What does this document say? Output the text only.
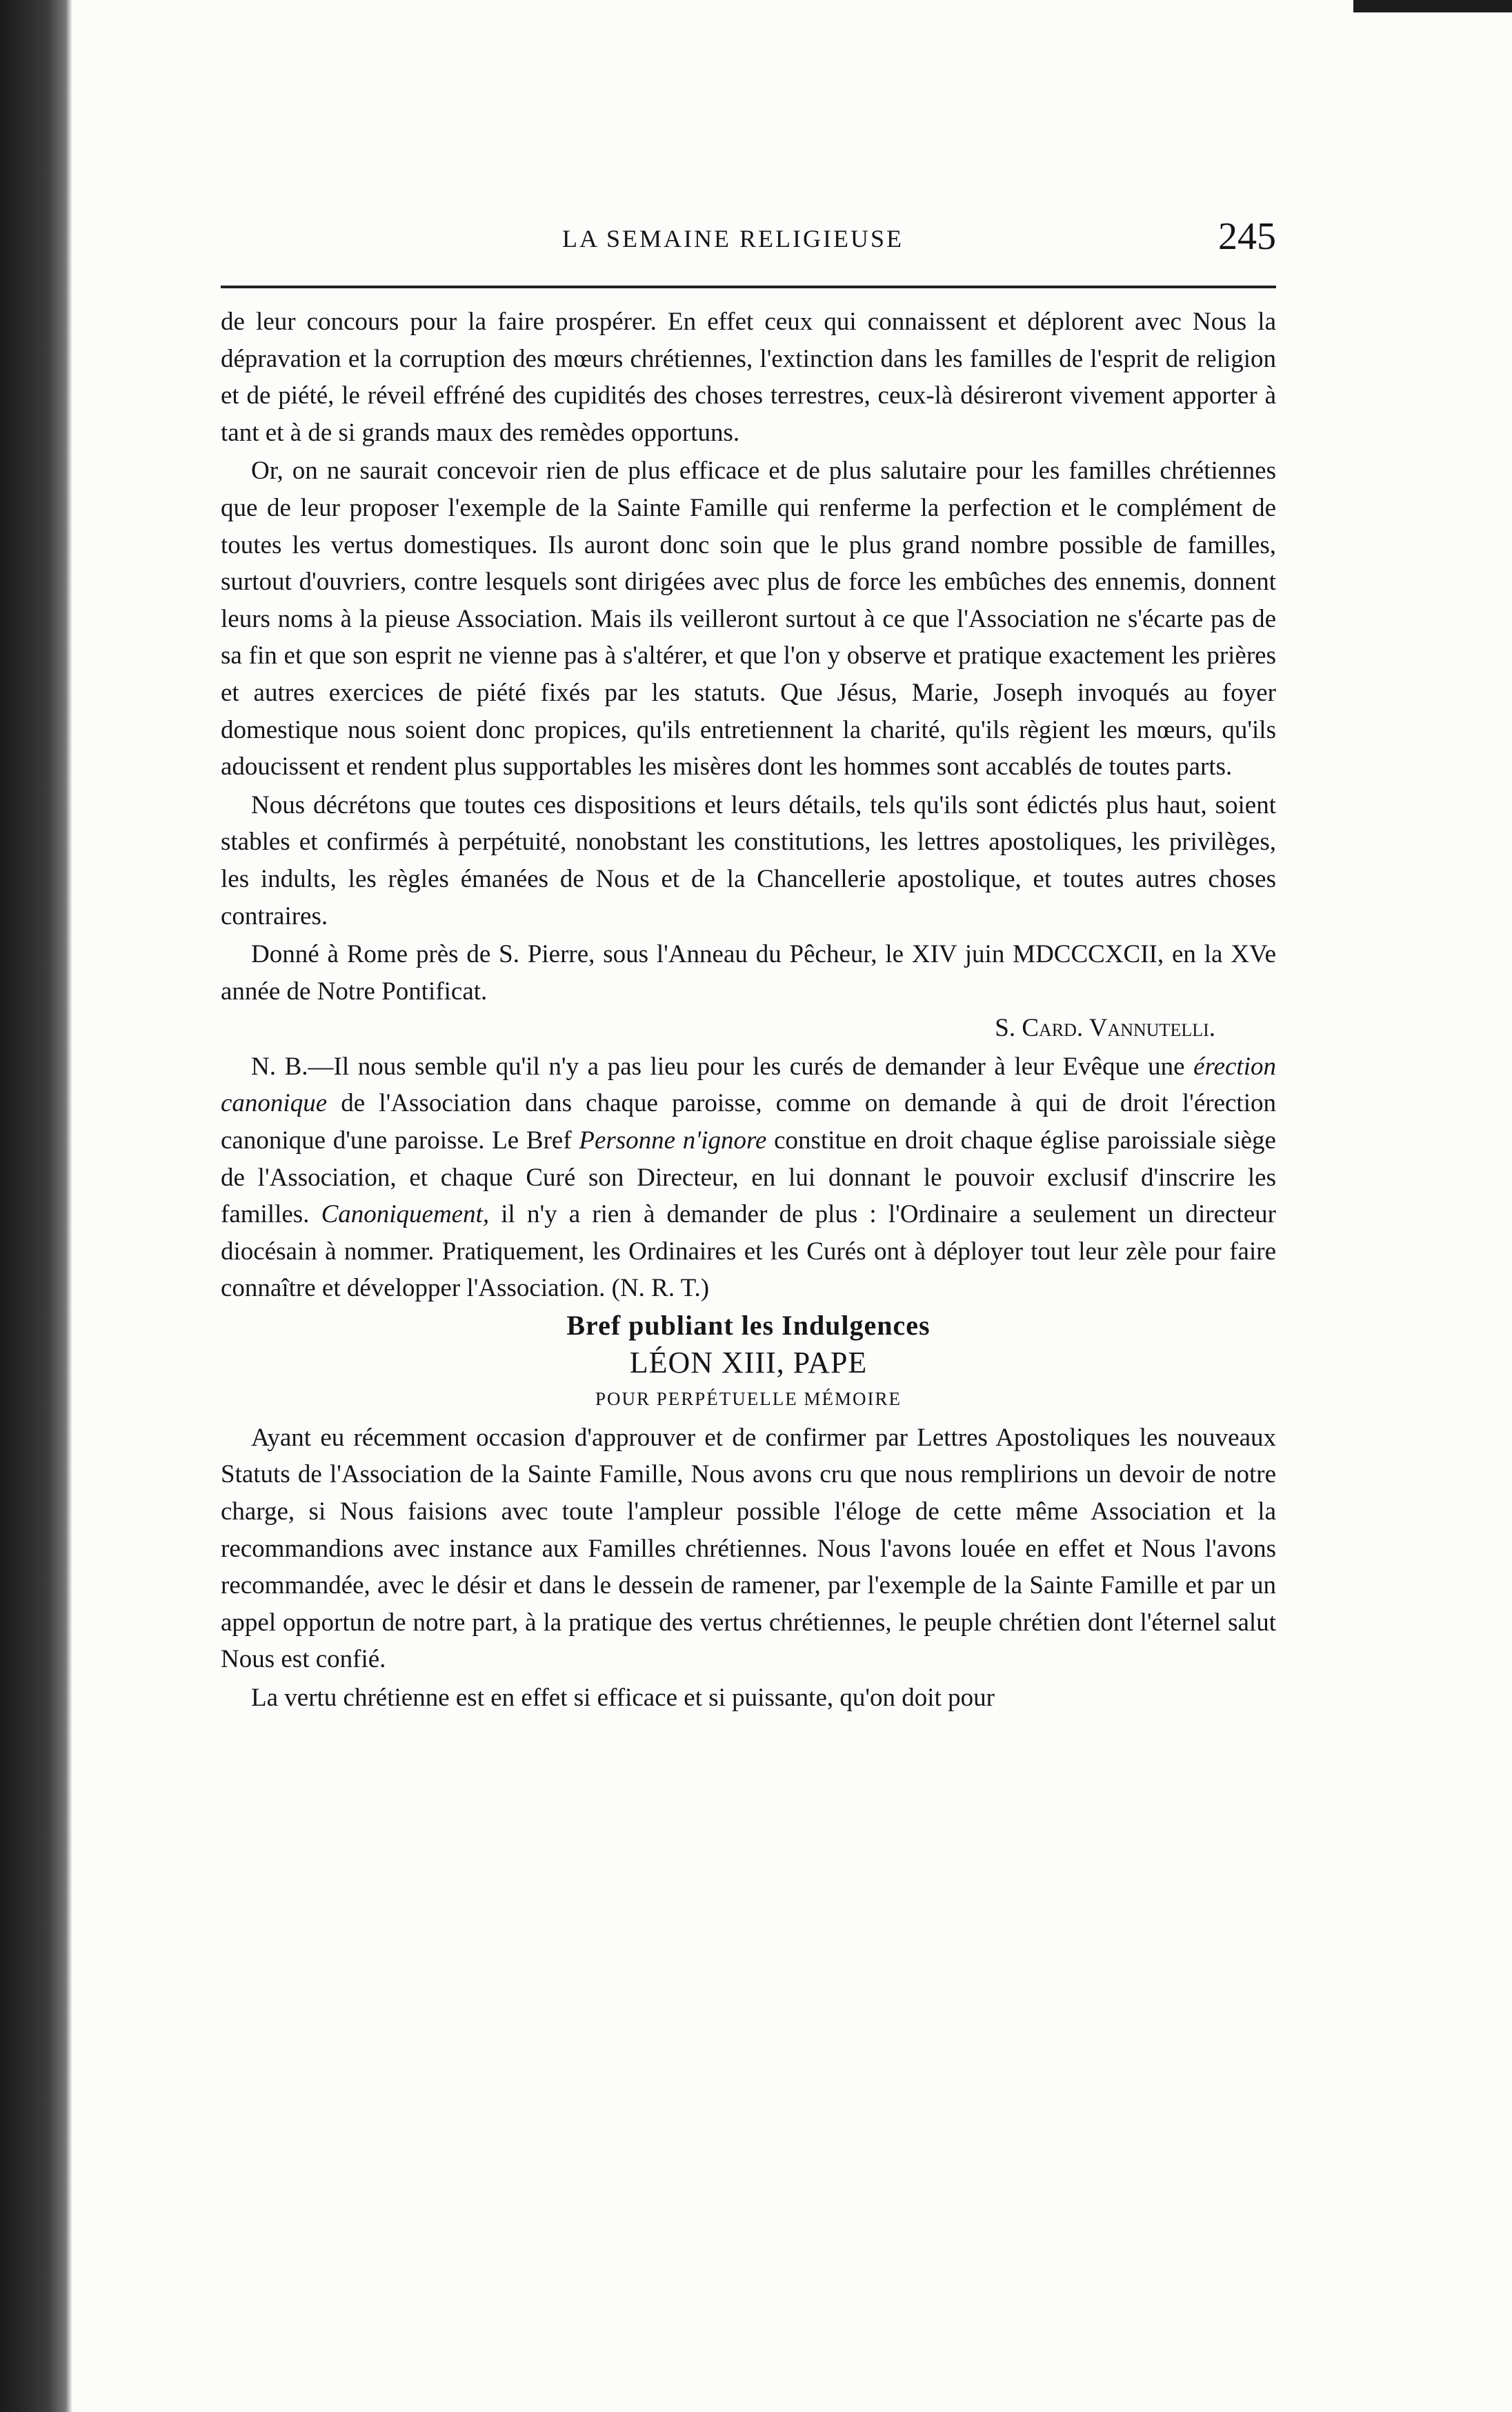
LA SEMAINE RELIGIEUSE	245

de leur concours pour la faire prospérer. En effet ceux qui connaissent et déplorent avec Nous la dépravation et la corruption des mœurs chrétiennes, l'extinction dans les familles de l'esprit de religion et de piété, le réveil effréné des cupidités des choses terrestres, ceux-là désireront vivement apporter à tant et à de si grands maux des remèdes opportuns.

Or, on ne saurait concevoir rien de plus efficace et de plus salutaire pour les familles chrétiennes que de leur proposer l'exemple de la Sainte Famille qui renferme la perfection et le complément de toutes les vertus domestiques. Ils auront donc soin que le plus grand nombre possible de familles, surtout d'ouvriers, contre lesquels sont dirigées avec plus de force les embûches des ennemis, donnent leurs noms à la pieuse Association. Mais ils veilleront surtout à ce que l'Association ne s'écarte pas de sa fin et que son esprit ne vienne pas à s'altérer, et que l'on y observe et pratique exactement les prières et autres exercices de piété fixés par les statuts. Que Jésus, Marie, Joseph invoqués au foyer domestique nous soient donc propices, qu'ils entretiennent la charité, qu'ils règient les mœurs, qu'ils adoucissent et rendent plus supportables les misères dont les hommes sont accablés de toutes parts.

Nous décrétons que toutes ces dispositions et leurs détails, tels qu'ils sont édictés plus haut, soient stables et confirmés à perpétuité, nonobstant les constitutions, les lettres apostoliques, les privilèges, les indults, les règles émanées de Nous et de la Chancellerie apostolique, et toutes autres choses contraires.

Donné à Rome près de S. Pierre, sous l'Anneau du Pêcheur, le XIV juin MDCCCXCII, en la XVe année de Notre Pontificat.

S. Card. Vannutelli.

N. B.—Il nous semble qu'il n'y a pas lieu pour les curés de demander à leur Evêque une érection canonique de l'Association dans chaque paroisse, comme on demande à qui de droit l'érection canonique d'une paroisse. Le Bref Personne n'ignore constitue en droit chaque église paroissiale siège de l'Association, et chaque Curé son Directeur, en lui donnant le pouvoir exclusif d'inscrire les familles. Canoniquement, il n'y a rien à demander de plus : l'Ordinaire a seulement un directeur diocésain à nommer. Pratiquement, les Ordinaires et les Curés ont à déployer tout leur zèle pour faire connaître et développer l'Association. (N. R. T.)

Bref publiant les Indulgences

LÉON XIII, PAPE

POUR PERPÉTUELLE MÉMOIRE

Ayant eu récemment occasion d'approuver et de confirmer par Lettres Apostoliques les nouveaux Statuts de l'Association de la Sainte Famille, Nous avons cru que nous remplirions un devoir de notre charge, si Nous faisions avec toute l'ampleur possible l'éloge de cette même Association et la recommandions avec instance aux Familles chrétiennes. Nous l'avons louée en effet et Nous l'avons recommandée, avec le désir et dans le dessein de ramener, par l'exemple de la Sainte Famille et par un appel opportun de notre part, à la pratique des vertus chrétiennes, le peuple chrétien dont l'éternel salut Nous est confié.

La vertu chrétienne est en effet si efficace et si puissante, qu'on doit pour
